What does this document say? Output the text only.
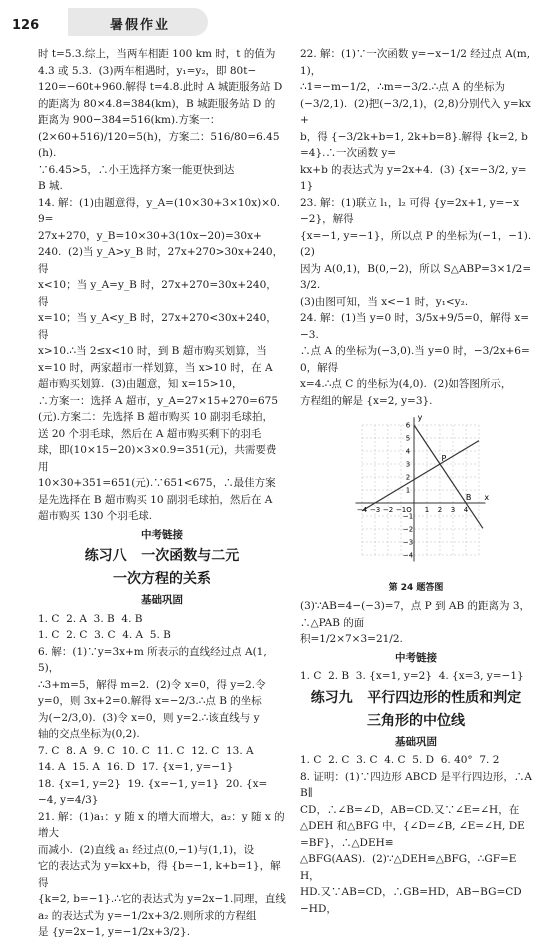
126	暑假作业

时 t=5.3.综上，当两车相距 100 km 时，t 的值为

4.3 或 5.3.  (3)两车相遇时，y₁=y₂，即 80t−

120=−60t+960.解得 t=4.8.此时 A 城距服务站 D

的距离为 80×4.8=384(km)，B 城距服务站 D 的

距离为 900−384=516(km).方案一：

(2×60+516)/120=5(h)，方案二：516/80=6.45(h).

∵6.45>5，∴小王选择方案一能更快到达

B 城.

14. 解：(1)由题意得，y_A=(10×30+3×10x)×0.9=

27x+270，y_B=10×30+3(10x−20)=30x+

240.  (2)当 y_A>y_B 时，27x+270>30x+240，得

x<10；当 y_A=y_B 时，27x+270=30x+240，得

x=10；当 y_A<y_B 时，27x+270<30x+240，得

x>10.∴当 2≤x<10 时，到 B 超市购买划算，当

x=10 时，两家超市一样划算，当 x>10 时，在 A

超市购买划算.  (3)由题意，知 x=15>10，

∴方案一：选择 A 超市，y_A=27×15+270=675

(元).方案二：先选择 B 超市购买 10 副羽毛球拍，

送 20 个羽毛球，然后在 A 超市购买剩下的羽毛

球，即(10×15−20)×3×0.9=351(元)，共需要费用

10×30+351=651(元).∵651<675，∴最佳方案

是先选择在 B 超市购买 10 副羽毛球拍，然后在 A

超市购买 130 个羽毛球.

中考链接

练习八   一次函数与二元

一次方程的关系

基础巩固

1. C  2. A  3. B  4. B

1. C  2. C  3. C  4. A  5. B

6. 解：(1)∵y=3x+m 所表示的直线经过点 A(1,5)，

∴3+m=5，解得 m=2.  (2)令 x=0，得 y=2.令

y=0，则 3x+2=0.解得 x=−2/3.∴点 B 的坐标

为(−2/3,0).  (3)令 x=0，则 y=2.∴该直线与 y

轴的交点坐标为(0,2).

7. C  8. A  9. C  10. C  11. C  12. C  13. A

14. A  15. A  16. D  17. {x=1, y=−1}

18. {x=1, y=2}  19. {x=−1, y=1}  20. {x=−4, y=4/3}

21. 解：(1)a₁：y 随 x 的增大而增大，a₂：y 随 x 的增大

而减小.  (2)直线 a₁ 经过点(0,−1)与(1,1)，设

它的表达式为 y=kx+b，得 {b=−1, k+b=1}，解得

{k=2, b=−1}.∴它的表达式为 y=2x−1.同理，直线

a₂ 的表达式为 y=−1/2x+3/2.则所求的方程组

是 {y=2x−1, y=−1/2x+3/2}.

22. 解：(1)∵一次函数 y=−x−1/2 经过点 A(m,1)，

∴1=−m−1/2，∴m=−3/2.∴点 A 的坐标为

(−3/2,1).  (2)把(−3/2,1)，(2,8)分别代入 y=kx+

b，得 {−3/2k+b=1, 2k+b=8}.解得 {k=2, b=4}.∴一次函数 y=

kx+b 的表达式为 y=2x+4.  (3) {x=−3/2, y=1}

23. 解：(1)联立 l₁，l₂ 可得 {y=2x+1, y=−x−2}，解得

{x=−1, y=−1}，所以点 P 的坐标为(−1，−1).  (2)

因为 A(0,1)，B(0,−2)，所以 S△ABP=3×1/2=3/2.

(3)由图可知，当 x<−1 时，y₁<y₂.

24. 解：(1)当 y=0 时，3/5x+9/5=0，解得 x=−3.

∴点 A 的坐标为(−3,0).当 y=0 时，−3/2x+6=0，解得

x=4.∴点 C 的坐标为(4,0).  (2)如答图所示，

方程组的解是 {x=2, y=3}.

−4 −3 −2 −1	1 2 3 4
6
5
4
3
2
1
−1
−2
−3
−4
x
y
O
P
B

第 24 题答图

(3)∵AB=4−(−3)=7，点 P 到 AB 的距离为 3，∴△PAB 的面

积=1/2×7×3=21/2.

中考链接

1. C  2. B  3. {x=1, y=2}  4. {x=3, y=−1}

练习九   平行四边形的性质和判定

三角形的中位线

基础巩固

1. C  2. C  3. C  4. C  5. D  6. 40°  7. 2

8. 证明：(1)∵四边形 ABCD 是平行四边形，∴AB∥

CD，∴∠B=∠D，AB=CD.又∵∠E=∠H，在

△DEH 和△BFG 中，{∠D=∠B, ∠E=∠H, DE=BF}，∴△DEH≌

△BFG(AAS).  (2)∵△DEH≌△BFG，∴GF=EH，

HD.又∵AB=CD，∴GB=HD，AB−BG=CD−HD，
